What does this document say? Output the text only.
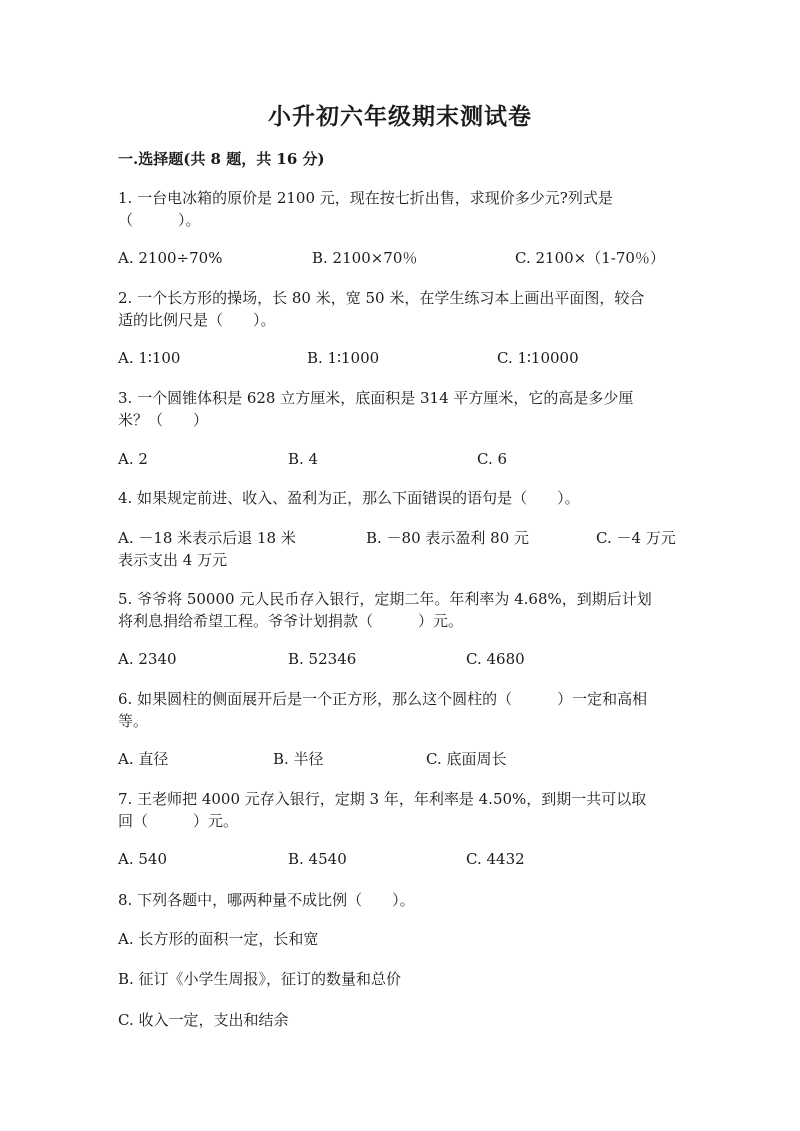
小升初六年级期末测试卷
一.选择题(共 8 题，共 16 分)
1. 一台电冰箱的原价是 2100 元，现在按七折出售，求现价多少元?列式是
（　　　）。
A. 2100÷70%	B. 2100×70％	C. 2100×（1-70％）
2. 一个长方形的操场，长 80 米，宽 50 米，在学生练习本上画出平面图，较合
适的比例尺是（　　）。
A. 1∶100	B. 1∶1000	C. 1∶10000
3. 一个圆锥体积是 628 立方厘米，底面积是 314 平方厘米，它的高是多少厘
米？（　　）
A. 2	B. 4	C. 6
4. 如果规定前进、收入、盈利为正，那么下面错误的语句是（　　）。
A. －18 米表示后退 18 米	B. －80 表示盈利 80 元	C. －4 万元
表示支出 4 万元
5. 爷爷将 50000 元人民币存入银行，定期二年。年利率为 4.68%，到期后计划
将利息捐给希望工程。爷爷计划捐款（　　　）元。
A. 2340	B. 52346	C. 4680
6. 如果圆柱的侧面展开后是一个正方形，那么这个圆柱的（　　　）一定和高相
等。
A. 直径	B. 半径	C. 底面周长
7. 王老师把 4000 元存入银行，定期 3 年，年利率是 4.50%，到期一共可以取
回（　　　）元。
A. 540	B. 4540	C. 4432
8. 下列各题中，哪两种量不成比例（　　）。
A. 长方形的面积一定，长和宽
B. 征订《小学生周报》，征订的数量和总价
C. 收入一定，支出和结余
